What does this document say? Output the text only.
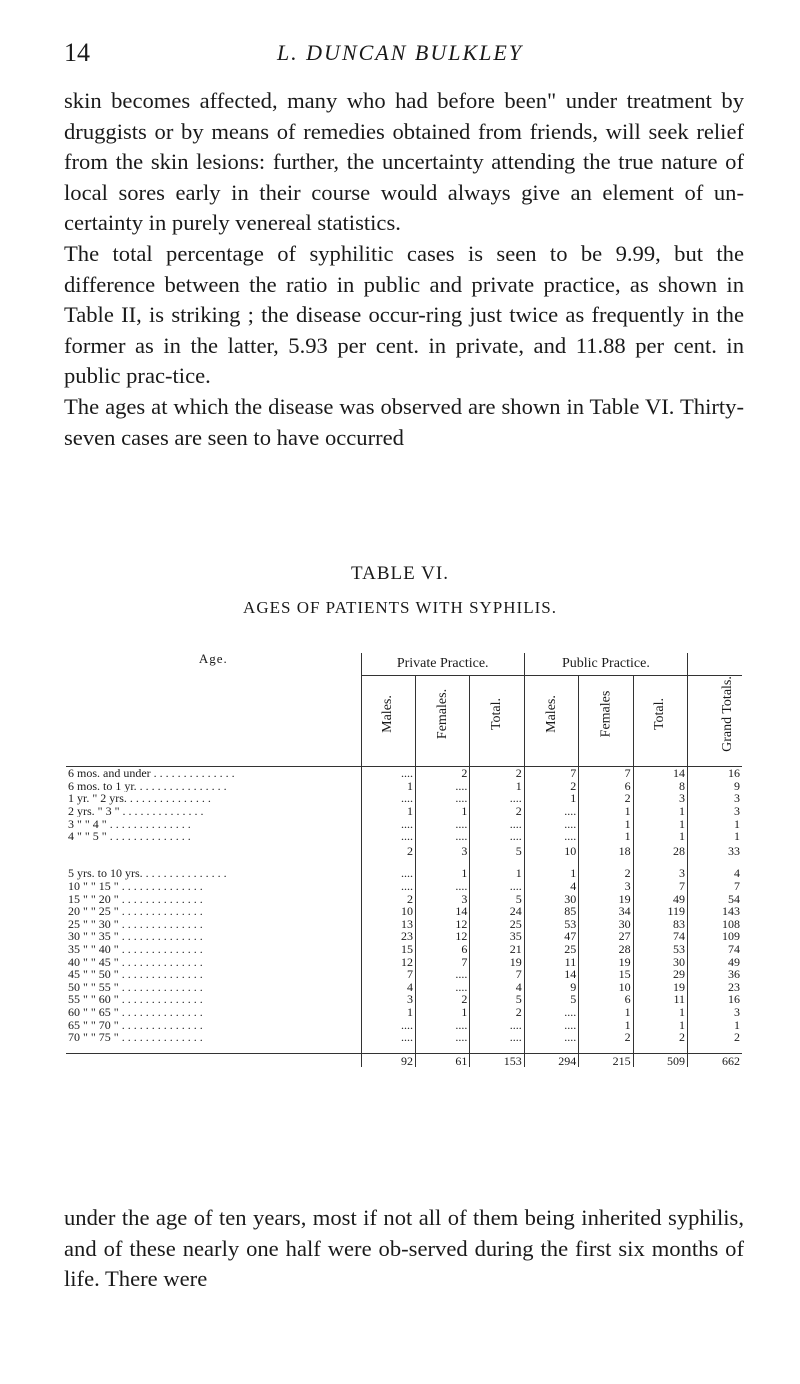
14	L. DUNCAN BULKLEY

skin becomes affected, many who had before been" under treatment by druggists or by means of remedies obtained from friends, will seek relief from the skin lesions: further, the uncertainty attending the true nature of local sores early in their course would always give an element of un-certainty in purely venereal statistics.

The total percentage of syphilitic cases is seen to be 9.99, but the difference between the ratio in public and private practice, as shown in Table II, is striking ; the disease occur-ring just twice as frequently in the former as in the latter, 5.93 per cent. in private, and 11.88 per cent. in public prac-tice.

The ages at which the disease was observed are shown in Table VI. Thirty-seven cases are seen to have occurred

TABLE VI.
AGES OF PATIENTS WITH SYPHILIS.
Age.	Private Practice.			Public Practice.			
	Males.	Females.	Total.	Males.	Females	Total.	Grand Totals.

6 mos. and under . . . . . . . . . . . . . .	....	2	2	7	7	14	16
6 mos. to 1 yr. . . . . . . . . . . . . . . .	1	....	1	2	6	8	9
1 yr. " 2 yrs. . . . . . . . . . . . . . .	....	....	....	1	2	3	3
2 yrs. " 3 " . . . . . . . . . . . . . .	1	1	2	....	1	1	3
3 " " 4 " . . . . . . . . . . . . . .	....	....	....	....	1	1	1
4 " " 5 " . . . . . . . . . . . . . .	....	....	....	....	1	1	1
	2	3	5	10	18	28	33

5 yrs. to 10 yrs. . . . . . . . . . . . . . .	....	1	1	1	2	3	4
10 " " 15 " . . . . . . . . . . . . . .	....	....	....	4	3	7	7
15 " " 20 " . . . . . . . . . . . . . .	2	3	5	30	19	49	54
20 " " 25 " . . . . . . . . . . . . . .	10	14	24	85	34	119	143
25 " " 30 " . . . . . . . . . . . . . .	13	12	25	53	30	83	108
30 " " 35 " . . . . . . . . . . . . . .	23	12	35	47	27	74	109
35 " " 40 " . . . . . . . . . . . . . .	15	6	21	25	28	53	74
40 " " 45 " . . . . . . . . . . . . . .	12	7	19	11	19	30	49
45 " " 50 " . . . . . . . . . . . . . .	7	....	7	14	15	29	36
50 " " 55 " . . . . . . . . . . . . . .	4	....	4	9	10	19	23
55 " " 60 " . . . . . . . . . . . . . .	3	2	5	5	6	11	16
60 " " 65 " . . . . . . . . . . . . . .	1	1	2	....	1	1	3
65 " " 70 " . . . . . . . . . . . . . .	....	....	....	....	1	1	1
70 " " 75 " . . . . . . . . . . . . . .	....	....	....	....	2	2	2

	92	61	153	294	215	509	662

under the age of ten years, most if not all of them being inherited syphilis, and of these nearly one half were ob-served during the first six months of life. There were
